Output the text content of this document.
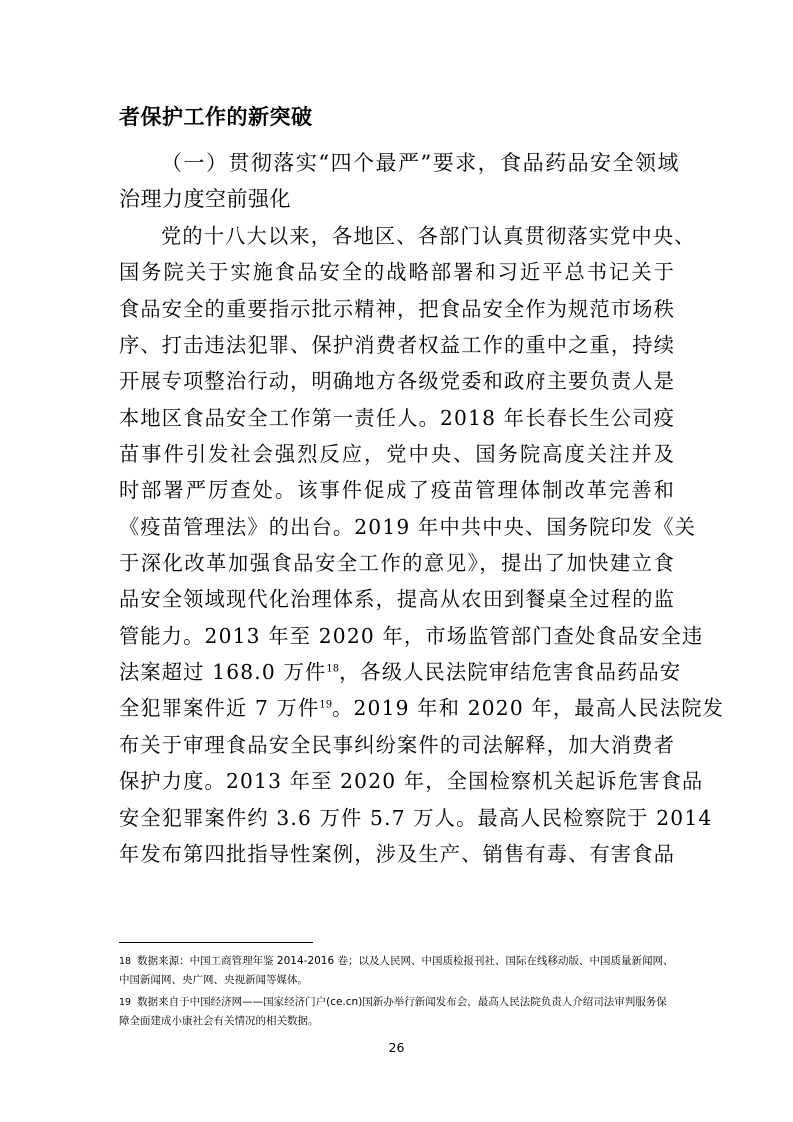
者保护工作的新突破
（一）贯彻落实“四个最严”要求，食品药品安全领域
治理力度空前强化
党的十八大以来，各地区、各部门认真贯彻落实党中央、
国务院关于实施食品安全的战略部署和习近平总书记关于
食品安全的重要指示批示精神，把食品安全作为规范市场秩
序、打击违法犯罪、保护消费者权益工作的重中之重，持续
开展专项整治行动，明确地方各级党委和政府主要负责人是
本地区食品安全工作第一责任人。2018 年长春长生公司疫
苗事件引发社会强烈反应，党中央、国务院高度关注并及
时部署严厉查处。该事件促成了疫苗管理体制改革完善和
《疫苗管理法》的出台。2019 年中共中央、国务院印发《关
于深化改革加强食品安全工作的意见》，提出了加快建立食
品安全领域现代化治理体系，提高从农田到餐桌全过程的监
管能力。2013 年至 2020 年，市场监管部门查处食品安全违
法案超过 168.0 万件$^{18}$，各级人民法院审结危害食品药品安
全犯罪案件近 7 万件$^{19}$。2019 年和 2020 年，最高人民法院发
布关于审理食品安全民事纠纷案件的司法解释，加大消费者
保护力度。2013 年至 2020 年，全国检察机关起诉危害食品
安全犯罪案件约 3.6 万件 5.7 万人。最高人民检察院于 2014
年发布第四批指导性案例，涉及生产、销售有毒、有害食品
18 数据来源：中国工商管理年鉴 2014-2016 卷；以及人民网、中国质检报刊社、国际在线移动版、中国质量新闻网、中国新闻网、央广网、央视新闻等媒体。
19 数据来自于中国经济网——国家经济门户(ce.cn)国新办举行新闻发布会，最高人民法院负责人介绍司法审判服务保障全面建成小康社会有关情况的相关数据。
26
